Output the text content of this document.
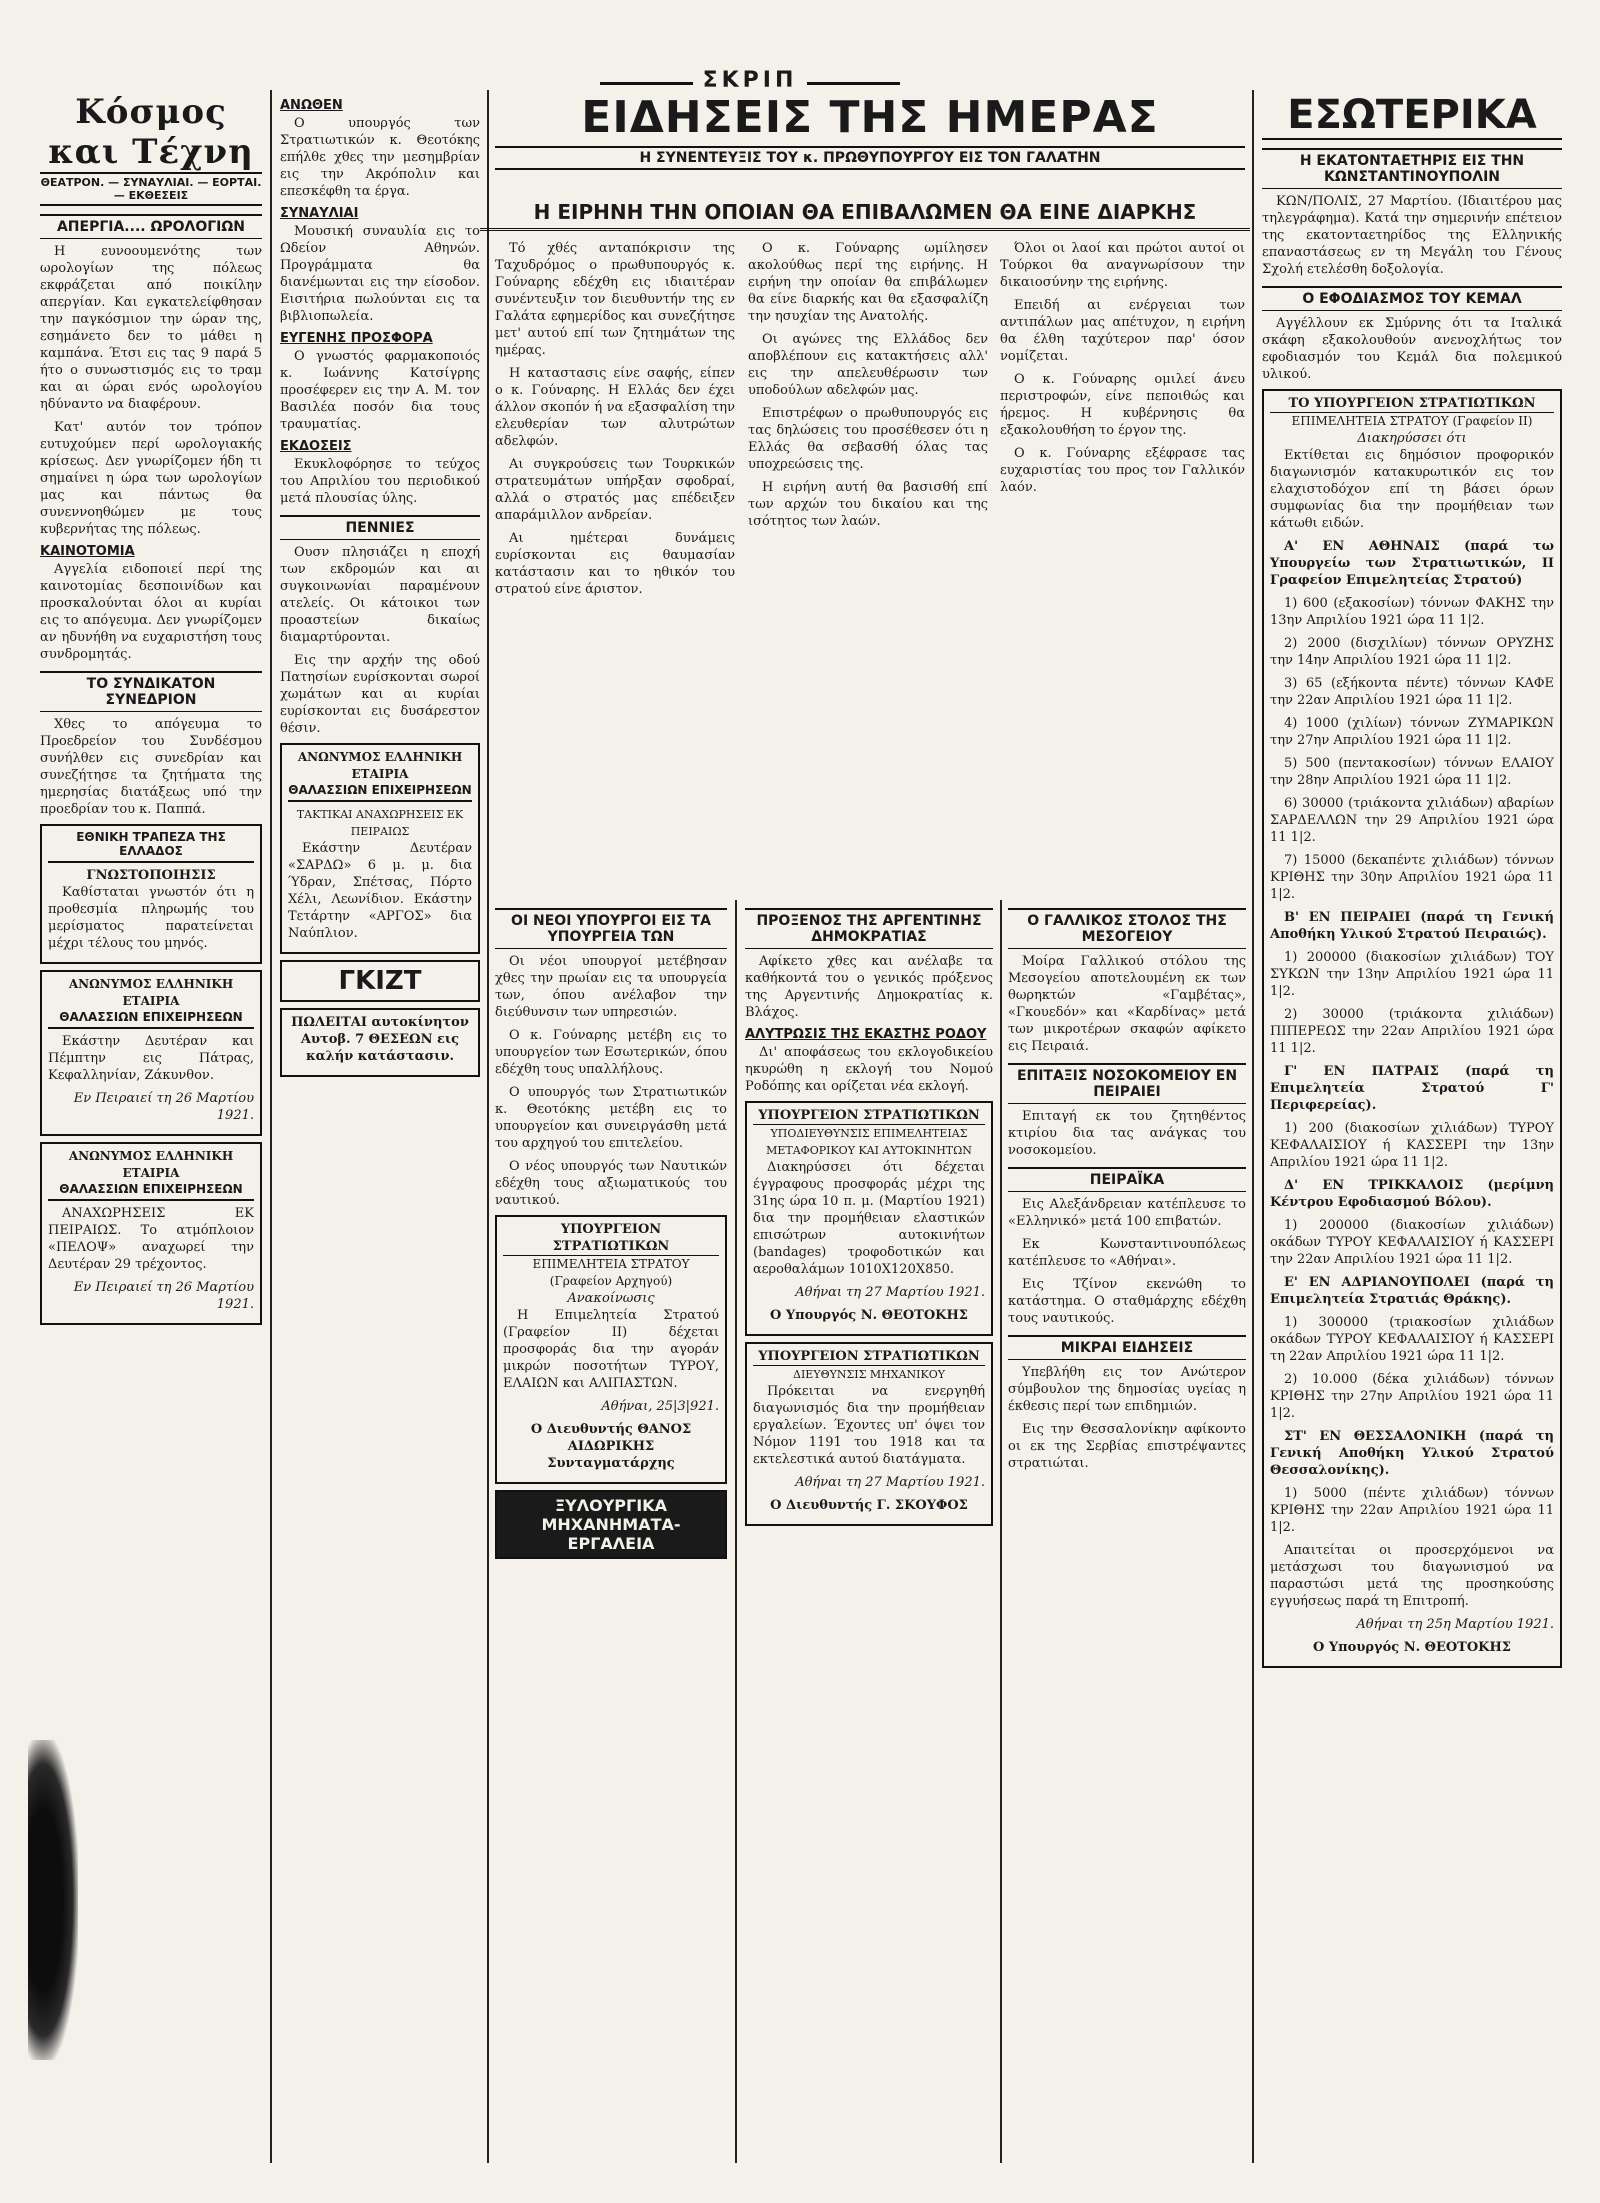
ΣΚΡΙΠ
Κόσμος και Τέχνη
ΘΕΑΤΡΟΝ. — ΣΥΝΑΥΛΙΑΙ. — ΕΟΡΤΑΙ. — ΕΚΘΕΣΕΙΣ
ΑΠΕΡΓΙΑ.... ΩΡΟΛΟΓΙΩΝ

Η ευνοουμενότης των ωρολογίων της πόλεως εκφράζεται από ποικίλην απεργίαν. Και εγκατελείφθησαν την παγκόσμιον την ώραν της, εσημάνετο δεν το μάθει η καμπάνα. Έτσι εις τας 9 παρά 5 ήτο ο συνωστισμός εις το τραμ και αι ώραι ενός ωρολογίου ηδύναντο να διαφέρουν.

Κατ' αυτόν τον τρόπον ευτυχούμεν περί ωρολογιακής κρίσεως. Δεν γνωρίζομεν ήδη τι σημαίνει η ώρα των ωρολογίων μας και πάντως θα συνεννοηθώμεν με τους κυβερνήτας της πόλεως.

ΚΑΙΝΟΤΟΜΙΑ

Αγγελία ειδοποιεί περί της καινοτομίας δεσποινίδων και προσκαλούνται όλοι αι κυρίαι εις το απόγευμα. Δεν γνωρίζομεν αν ηδυνήθη να ευχαριστήση τους συνδρομητάς.

ΤΟ ΣΥΝΔΙΚΑΤΟΝ ΣΥΝΕΔΡΙΟΝ

Χθες το απόγευμα το Προεδρείον του Συνδέσμου συνήλθεν εις συνεδρίαν και συνεζήτησε τα ζητήματα της ημερησίας διατάξεως υπό την προεδρίαν του κ. Παππά.

ΕΘΝΙΚΗ ΤΡΑΠΕΖΑ ΤΗΣ ΕΛΛΑΔΟΣ
ΓΝΩΣΤΟΠΟΙΗΣΙΣ

Καθίσταται γνωστόν ότι η προθεσμία πληρωμής του μερίσματος παρατείνεται μέχρι τέλους του μηνός.

ΑΝΩΝΥΜΟΣ ΕΛΛΗΝΙΚΗ ΕΤΑΙΡΙΑ
ΘΑΛΑΣΣΙΩΝ ΕΠΙΧΕΙΡΗΣΕΩΝ

Εκάστην Δευτέραν και Πέμπτην εις Πάτρας, Κεφαλληνίαν, Ζάκυνθον.

Εν Πειραιεί τη 26 Μαρτίου 1921.

ΑΝΩΝΥΜΟΣ ΕΛΛΗΝΙΚΗ ΕΤΑΙΡΙΑ
ΘΑΛΑΣΣΙΩΝ ΕΠΙΧΕΙΡΗΣΕΩΝ

ΑΝΑΧΩΡΗΣΕΙΣ ΕΚ ΠΕΙΡΑΙΩΣ. Το ατμόπλοιον «ΠΕΛΟΨ» αναχωρεί την Δευτέραν 29 τρέχοντος.

Εν Πειραιεί τη 26 Μαρτίου 1921.

ΑΝΩΘΕΝ

Ο υπουργός των Στρατιωτικών κ. Θεοτόκης επήλθε χθες την μεσημβρίαν εις την Ακρόπολιν και επεσκέφθη τα έργα.

ΣΥΝΑΥΛΙΑΙ

Μουσική συναυλία εις το Ωδείον Αθηνών. Προγράμματα θα διανέμωνται εις την είσοδον. Εισιτήρια πωλούνται εις τα βιβλιοπωλεία.

ΕΥΓΕΝΗΣ ΠΡΟΣΦΟΡΑ

Ο γνωστός φαρμακοποιός κ. Ιωάννης Κατσίγρης προσέφερεν εις την Α. Μ. τον Βασιλέα ποσόν δια τους τραυματίας.

ΕΚΔΟΣΕΙΣ

Εκυκλοφόρησε το τεύχος του Απριλίου του περιοδικού μετά πλουσίας ύλης.

ΠΕΝΝΙΕΣ

Ουσν πλησιάζει η εποχή των εκδρομών και αι συγκοινωνίαι παραμένουν ατελείς. Οι κάτοικοι των προαστείων δικαίως διαμαρτύρονται.

Εις την αρχήν της οδού Πατησίων ευρίσκονται σωροί χωμάτων και αι κυρίαι ευρίσκονται εις δυσάρεστον θέσιν.

ΑΝΩΝΥΜΟΣ ΕΛΛΗΝΙΚΗ ΕΤΑΙΡΙΑ
ΘΑΛΑΣΣΙΩΝ ΕΠΙΧΕΙΡΗΣΕΩΝ
ΤΑΚΤΙΚΑΙ ΑΝΑΧΩΡΗΣΕΙΣ ΕΚ ΠΕΙΡΑΙΩΣ

Εκάστην Δευτέραν «ΣΑΡΔΩ» 6 μ. μ. δια Ύδραν, Σπέτσας, Πόρτο Χέλι, Λεωνίδιον. Εκάστην Τετάρτην «ΑΡΓΟΣ» δια Ναύπλιον.

ΓΚΙΖΤ

ΠΩΛΕΙΤΑΙ αυτοκίνητον Αυτοβ. 7 ΘΕΣΕΩΝ εις καλήν κατάστασιν.

ΕΙΔΗΣΕΙΣ ΤΗΣ ΗΜΕΡΑΣ
Η ΣΥΝΕΝΤΕΥΞΙΣ ΤΟΥ κ. ΠΡΩΘΥΠΟΥΡΓΟΥ ΕΙΣ ΤΟΝ ΓΑΛΑΤΗΝ
Η ΕΙΡΗΝΗ ΤΗΝ ΟΠΟΙΑΝ ΘΑ ΕΠΙΒΑΛΩΜΕΝ ΘΑ ΕΙΝΕ ΔΙΑΡΚΗΣ

Τό χθές ανταπόκρισιν της Ταχυδρόμος ο πρωθυπουργός κ. Γούναρης εδέχθη εις ιδιαιτέραν συνέντευξιν τον διευθυντήν της εν Γαλάτα εφημερίδος και συνεζήτησε μετ' αυτού επί των ζητημάτων της ημέρας.

Η καταστασις είνε σαφής, είπεν ο κ. Γούναρης. Η Ελλάς δεν έχει άλλον σκοπόν ή να εξασφαλίση την ελευθερίαν των αλυτρώτων αδελφών.

Αι συγκρούσεις των Τουρκικών στρατευμάτων υπήρξαν σφοδραί, αλλά ο στρατός μας επέδειξεν απαράμιλλον ανδρείαν.

Αι ημέτεραι δυνάμεις ευρίσκονται εις θαυμασίαν κατάστασιν και το ηθικόν του στρατού είνε άριστον.

Ο κ. Γούναρης ωμίλησεν ακολούθως περί της ειρήνης. Η ειρήνη την οποίαν θα επιβάλωμεν θα είνε διαρκής και θα εξασφαλίζη την ησυχίαν της Ανατολής.

Οι αγώνες της Ελλάδος δεν αποβλέπουν εις κατακτήσεις αλλ' εις την απελευθέρωσιν των υποδούλων αδελφών μας.

Επιστρέφων ο πρωθυπουργός εις τας δηλώσεις του προσέθεσεν ότι η Ελλάς θα σεβασθή όλας τας υποχρεώσεις της.

Η ειρήνη αυτή θα βασισθή επί των αρχών του δικαίου και της ισότητος των λαών.

Όλοι οι λαοί και πρώτοι αυτοί οι Τούρκοι θα αναγνωρίσουν την δικαιοσύνην της ειρήνης.

Επειδή αι ενέργειαι των αντιπάλων μας απέτυχον, η ειρήνη θα έλθη ταχύτερον παρ' όσον νομίζεται.

Ο κ. Γούναρης ομιλεί άνευ περιστροφών, είνε πεποιθώς και ήρεμος. Η κυβέρνησις θα εξακολουθήση το έργον της.

Ο κ. Γούναρης εξέφρασε τας ευχαριστίας του προς τον Γαλλικόν λαόν.

ΟΙ ΝΕΟΙ ΥΠΟΥΡΓΟΙ ΕΙΣ ΤΑ ΥΠΟΥΡΓΕΙΑ ΤΩΝ

Οι νέοι υπουργοί μετέβησαν χθες την πρωίαν εις τα υπουργεία των, όπου ανέλαβον την διεύθυνσιν των υπηρεσιών.

Ο κ. Γούναρης μετέβη εις το υπουργείον των Εσωτερικών, όπου εδέχθη τους υπαλλήλους.

Ο υπουργός των Στρατιωτικών κ. Θεοτόκης μετέβη εις το υπουργείον και συνειργάσθη μετά του αρχηγού του επιτελείου.

Ο νέος υπουργός των Ναυτικών εδέχθη τους αξιωματικούς του ναυτικού.

ΥΠΟΥΡΓΕΙΟΝ ΣΤΡΑΤΙΩΤΙΚΩΝ
ΕΠΙΜΕΛΗΤΕΙΑ ΣΤΡΑΤΟΥ (Γραφείον Αρχηγού)
Ανακοίνωσις

Η Επιμελητεία Στρατού (Γραφείον ΙΙ) δέχεται προσφοράς δια την αγοράν μικρών ποσοτήτων ΤΥΡΟΥ, ΕΛΑΙΩΝ και ΑΛΙΠΑΣΤΩΝ.

Αθήναι, 25|3|921.

Ο Διευθυντής ΘΑΝΟΣ ΑΙΔΩΡΙΚΗΣ Συνταγματάρχης

ΞΥΛΟΥΡΓΙΚΑ ΜΗΧΑΝΗΜΑΤΑ-ΕΡΓΑΛΕΙΑ
ΠΡΟΞΕΝΟΣ ΤΗΣ ΑΡΓΕΝΤΙΝΗΣ ΔΗΜΟΚΡΑΤΙΑΣ

Αφίκετο χθες και ανέλαβε τα καθήκοντά του ο γενικός πρόξενος της Αργεντινής Δημοκρατίας κ. Βλάχος.

ΑΛΥΤΡΩΣΙΣ ΤΗΣ ΕΚΑΣΤΗΣ ΡΟΔΟΥ

Δι' αποφάσεως του εκλογοδικείου ηκυρώθη η εκλογή του Νομού Ροδόπης και ορίζεται νέα εκλογή.

ΥΠΟΥΡΓΕΙΟΝ ΣΤΡΑΤΙΩΤΙΚΩΝ
ΥΠΟΔΙΕΥΘΥΝΣΙΣ ΕΠΙΜΕΛΗΤΕΙΑΣ ΜΕΤΑΦΟΡΙΚΟΥ ΚΑΙ ΑΥΤΟΚΙΝΗΤΩΝ

Διακηρύσσει ότι δέχεται έγγραφους προσφοράς μέχρι της 31ης ώρα 10 π. μ. (Μαρτίου 1921) δια την προμήθειαν ελαστικών επισώτρων αυτοκινήτων (bandages) τροφοδοτικών και αεροθαλάμων 1010Χ120Χ850.

Αθήναι τη 27 Μαρτίου 1921.

Ο Υπουργός Ν. ΘΕΟΤΟΚΗΣ

ΥΠΟΥΡΓΕΙΟΝ ΣΤΡΑΤΙΩΤΙΚΩΝ
ΔΙΕΥΘΥΝΣΙΣ ΜΗΧΑΝΙΚΟΥ

Πρόκειται να ενεργηθή διαγωνισμός δια την προμήθειαν εργαλείων. Έχοντες υπ' όψει τον Νόμον 1191 του 1918 και τα εκτελεστικά αυτού διατάγματα.

Αθήναι τη 27 Μαρτίου 1921.

Ο Διευθυντής Γ. ΣΚΟΥΦΟΣ

Ο ΓΑΛΛΙΚΟΣ ΣΤΟΛΟΣ ΤΗΣ ΜΕΣΟΓΕΙΟΥ

Μοίρα Γαλλικού στόλου της Μεσογείου αποτελουμένη εκ των θωρηκτών «Γαμβέτας», «Γκουεδόν» και «Καρδίνας» μετά των μικροτέρων σκαφών αφίκετο εις Πειραιά.

ΕΠΙΤΑΞΙΣ ΝΟΣΟΚΟΜΕΙΟΥ ΕΝ ΠΕΙΡΑΙΕΙ

Επιταγή εκ του ζητηθέντος κτιρίου δια τας ανάγκας του νοσοκομείου.

ΠΕΙΡΑΪΚΑ

Εις Αλεξάνδρειαν κατέπλευσε το «Ελληνικό» μετά 100 επιβατών.

Εκ Κωνσταντινουπόλεως κατέπλευσε το «Αθήναι».

Εις Τζίνον εκενώθη το κατάστημα. Ο σταθμάρχης εδέχθη τους ναυτικούς.

ΜΙΚΡΑΙ ΕΙΔΗΣΕΙΣ

Υπεβλήθη εις τον Ανώτερον σύμβουλον της δημοσίας υγείας η έκθεσις περί των επιδημιών.

Εις την Θεσσαλονίκην αφίκοντο οι εκ της Σερβίας επιστρέψαντες στρατιώται.

ΕΣΩΤΕΡΙΚΑ
Η ΕΚΑΤΟΝΤΑΕΤΗΡΙΣ ΕΙΣ ΤΗΝ ΚΩΝΣΤΑΝΤΙΝΟΥΠΟΛΙΝ

ΚΩΝ/ΠΟΛΙΣ, 27 Μαρτίου. (Ιδιαιτέρου μας τηλεγράφημα). Κατά την σημερινήν επέτειον της εκατονταετηρίδος της Ελληνικής επαναστάσεως εν τη Μεγάλη του Γένους Σχολή ετελέσθη δοξολογία.

Ο ΕΦΟΔΙΑΣΜΟΣ ΤΟΥ ΚΕΜΑΛ

Αγγέλλουν εκ Σμύρνης ότι τα Ιταλικά σκάφη εξακολουθούν ανενοχλήτως τον εφοδιασμόν του Κεμάλ δια πολεμικού υλικού.

ΤΟ ΥΠΟΥΡΓΕΙΟΝ ΣΤΡΑΤΙΩΤΙΚΩΝ
ΕΠΙΜΕΛΗΤΕΙΑ ΣΤΡΑΤΟΥ (Γραφείον ΙΙ)
Διακηρύσσει ότι

Εκτίθεται εις δημόσιον προφορικόν διαγωνισμόν κατακυρωτικόν εις τον ελαχιστοδόχον επί τη βάσει όρων συμφωνίας δια την προμήθειαν των κάτωθι ειδών.

Α' ΕΝ ΑΘΗΝΑΙΣ (παρά τω Υπουργείω των Στρατιωτικών, ΙΙ Γραφείον Επιμελητείας Στρατού)

1) 600 (εξακοσίων) τόννων ΦΑΚΗΣ την 13ην Απριλίου 1921 ώρα 11 1|2.

2) 2000 (δισχιλίων) τόννων ΟΡΥΖΗΣ την 14ην Απριλίου 1921 ώρα 11 1|2.

3) 65 (εξήκοντα πέντε) τόννων ΚΑΦΕ την 22αν Απριλίου 1921 ώρα 11 1|2.

4) 1000 (χιλίων) τόννων ΖΥΜΑΡΙΚΩΝ την 27ην Απριλίου 1921 ώρα 11 1|2.

5) 500 (πεντακοσίων) τόννων ΕΛΑΙΟΥ την 28ην Απριλίου 1921 ώρα 11 1|2.

6) 30000 (τριάκοντα χιλιάδων) αβαρίων ΣΑΡΔΕΛΛΩΝ την 29 Απριλίου 1921 ώρα 11 1|2.

7) 15000 (δεκαπέντε χιλιάδων) τόννων ΚΡΙΘΗΣ την 30ην Απριλίου 1921 ώρα 11 1|2.

Β' ΕΝ ΠΕΙΡΑΙΕΙ (παρά τη Γενική Αποθήκη Υλικού Στρατού Πειραιώς).

1) 200000 (διακοσίων χιλιάδων) ΤΟΥ ΣΥΚΩΝ την 13ην Απριλίου 1921 ώρα 11 1|2.

2) 30000 (τριάκοντα χιλιάδων) ΠΙΠΕΡΕΩΣ την 22αν Απριλίου 1921 ώρα 11 1|2.

Γ' ΕΝ ΠΑΤΡΑΙΣ (παρά τη Επιμελητεία Στρατού Γ' Περιφερείας).

1) 200 (διακοσίων χιλιάδων) ΤΥΡΟΥ ΚΕΦΑΛΑΙΣΙΟΥ ή ΚΑΣΣΕΡΙ την 13ην Απριλίου 1921 ώρα 11 1|2.

Δ' ΕΝ ΤΡΙΚΚΑΛΟΙΣ (μερίμνη Κέντρου Εφοδιασμού Βόλου).

1) 200000 (διακοσίων χιλιάδων) οκάδων ΤΥΡΟΥ ΚΕΦΑΛΑΙΣΙΟΥ ή ΚΑΣΣΕΡΙ την 22αν Απριλίου 1921 ώρα 11 1|2.

Ε' ΕΝ ΑΔΡΙΑΝΟΥΠΟΛΕΙ (παρά τη Επιμελητεία Στρατιάς Θράκης).

1) 300000 (τριακοσίων χιλιάδων οκάδων ΤΥΡΟΥ ΚΕΦΑΛΑΙΣΙΟΥ ή ΚΑΣΣΕΡΙ τη 22αν Απριλίου 1921 ώρα 11 1|2.

2) 10.000 (δέκα χιλιάδων) τόννων ΚΡΙΘΗΣ την 27ην Απριλίου 1921 ώρα 11 1|2.

ΣΤ' ΕΝ ΘΕΣΣΑΛΟΝΙΚΗ (παρά τη Γενική Αποθήκη Υλικού Στρατού Θεσσαλονίκης).

1) 5000 (πέντε χιλιάδων) τόννων ΚΡΙΘΗΣ την 22αν Απριλίου 1921 ώρα 11 1|2.

Απαιτείται οι προσερχόμενοι να μετάσχωσι του διαγωνισμού να παραστώσι μετά της προσηκούσης εγγυήσεως παρά τη Επιτροπή.

Αθήναι τη 25η Μαρτίου 1921.

Ο Υπουργός Ν. ΘΕΟΤΟΚΗΣ
